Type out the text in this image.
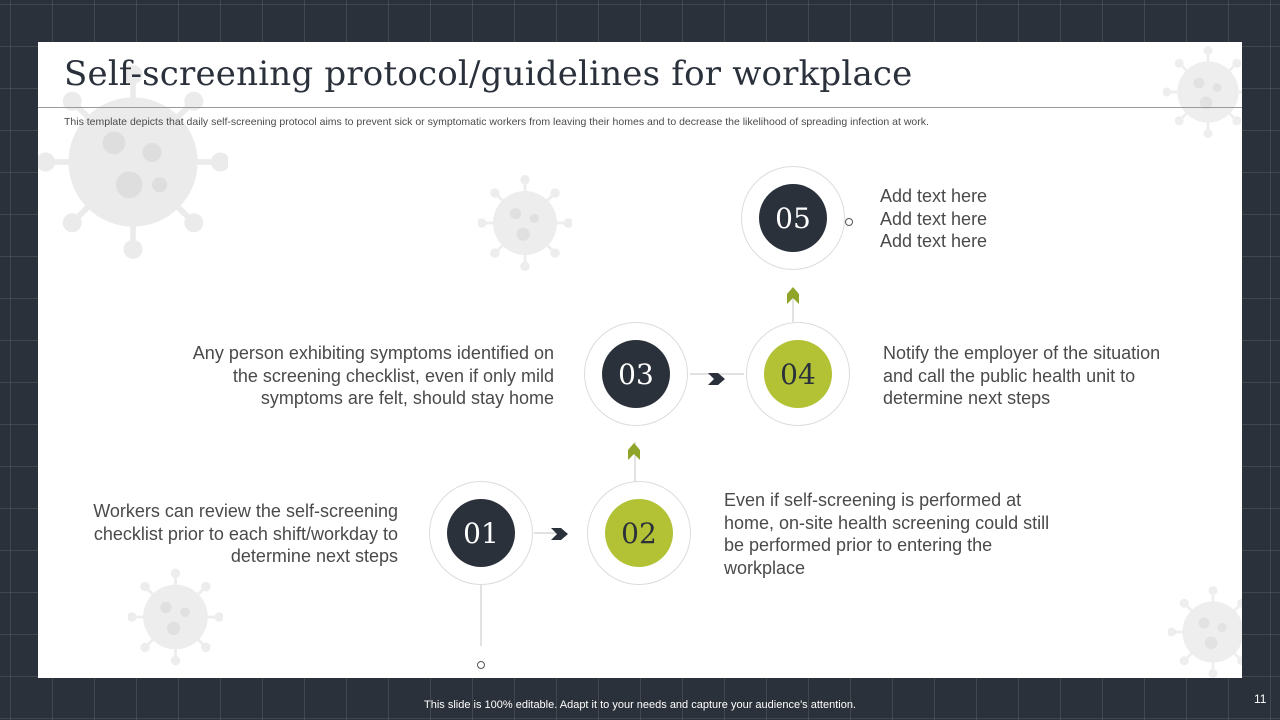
Self-screening protocol/guidelines for workplace
This template depicts that daily self-screening protocol aims to prevent sick or symptomatic workers from leaving their homes and to decrease the likelihood of spreading infection at work.
01	02
03	04
05
Workers can review the self-screening checklist prior to each shift/workday to determine next steps
Even if self-screening is performed at home, on-site health screening could still be performed prior to entering the workplace
Any person exhibiting symptoms identified on the screening checklist, even if only mild symptoms are felt, should stay home
Notify the employer of the situation and call the public health unit to determine next steps
Add text here
Add text here
Add text here
This slide is 100% editable. Adapt it to your needs and capture your audience's attention.	11
